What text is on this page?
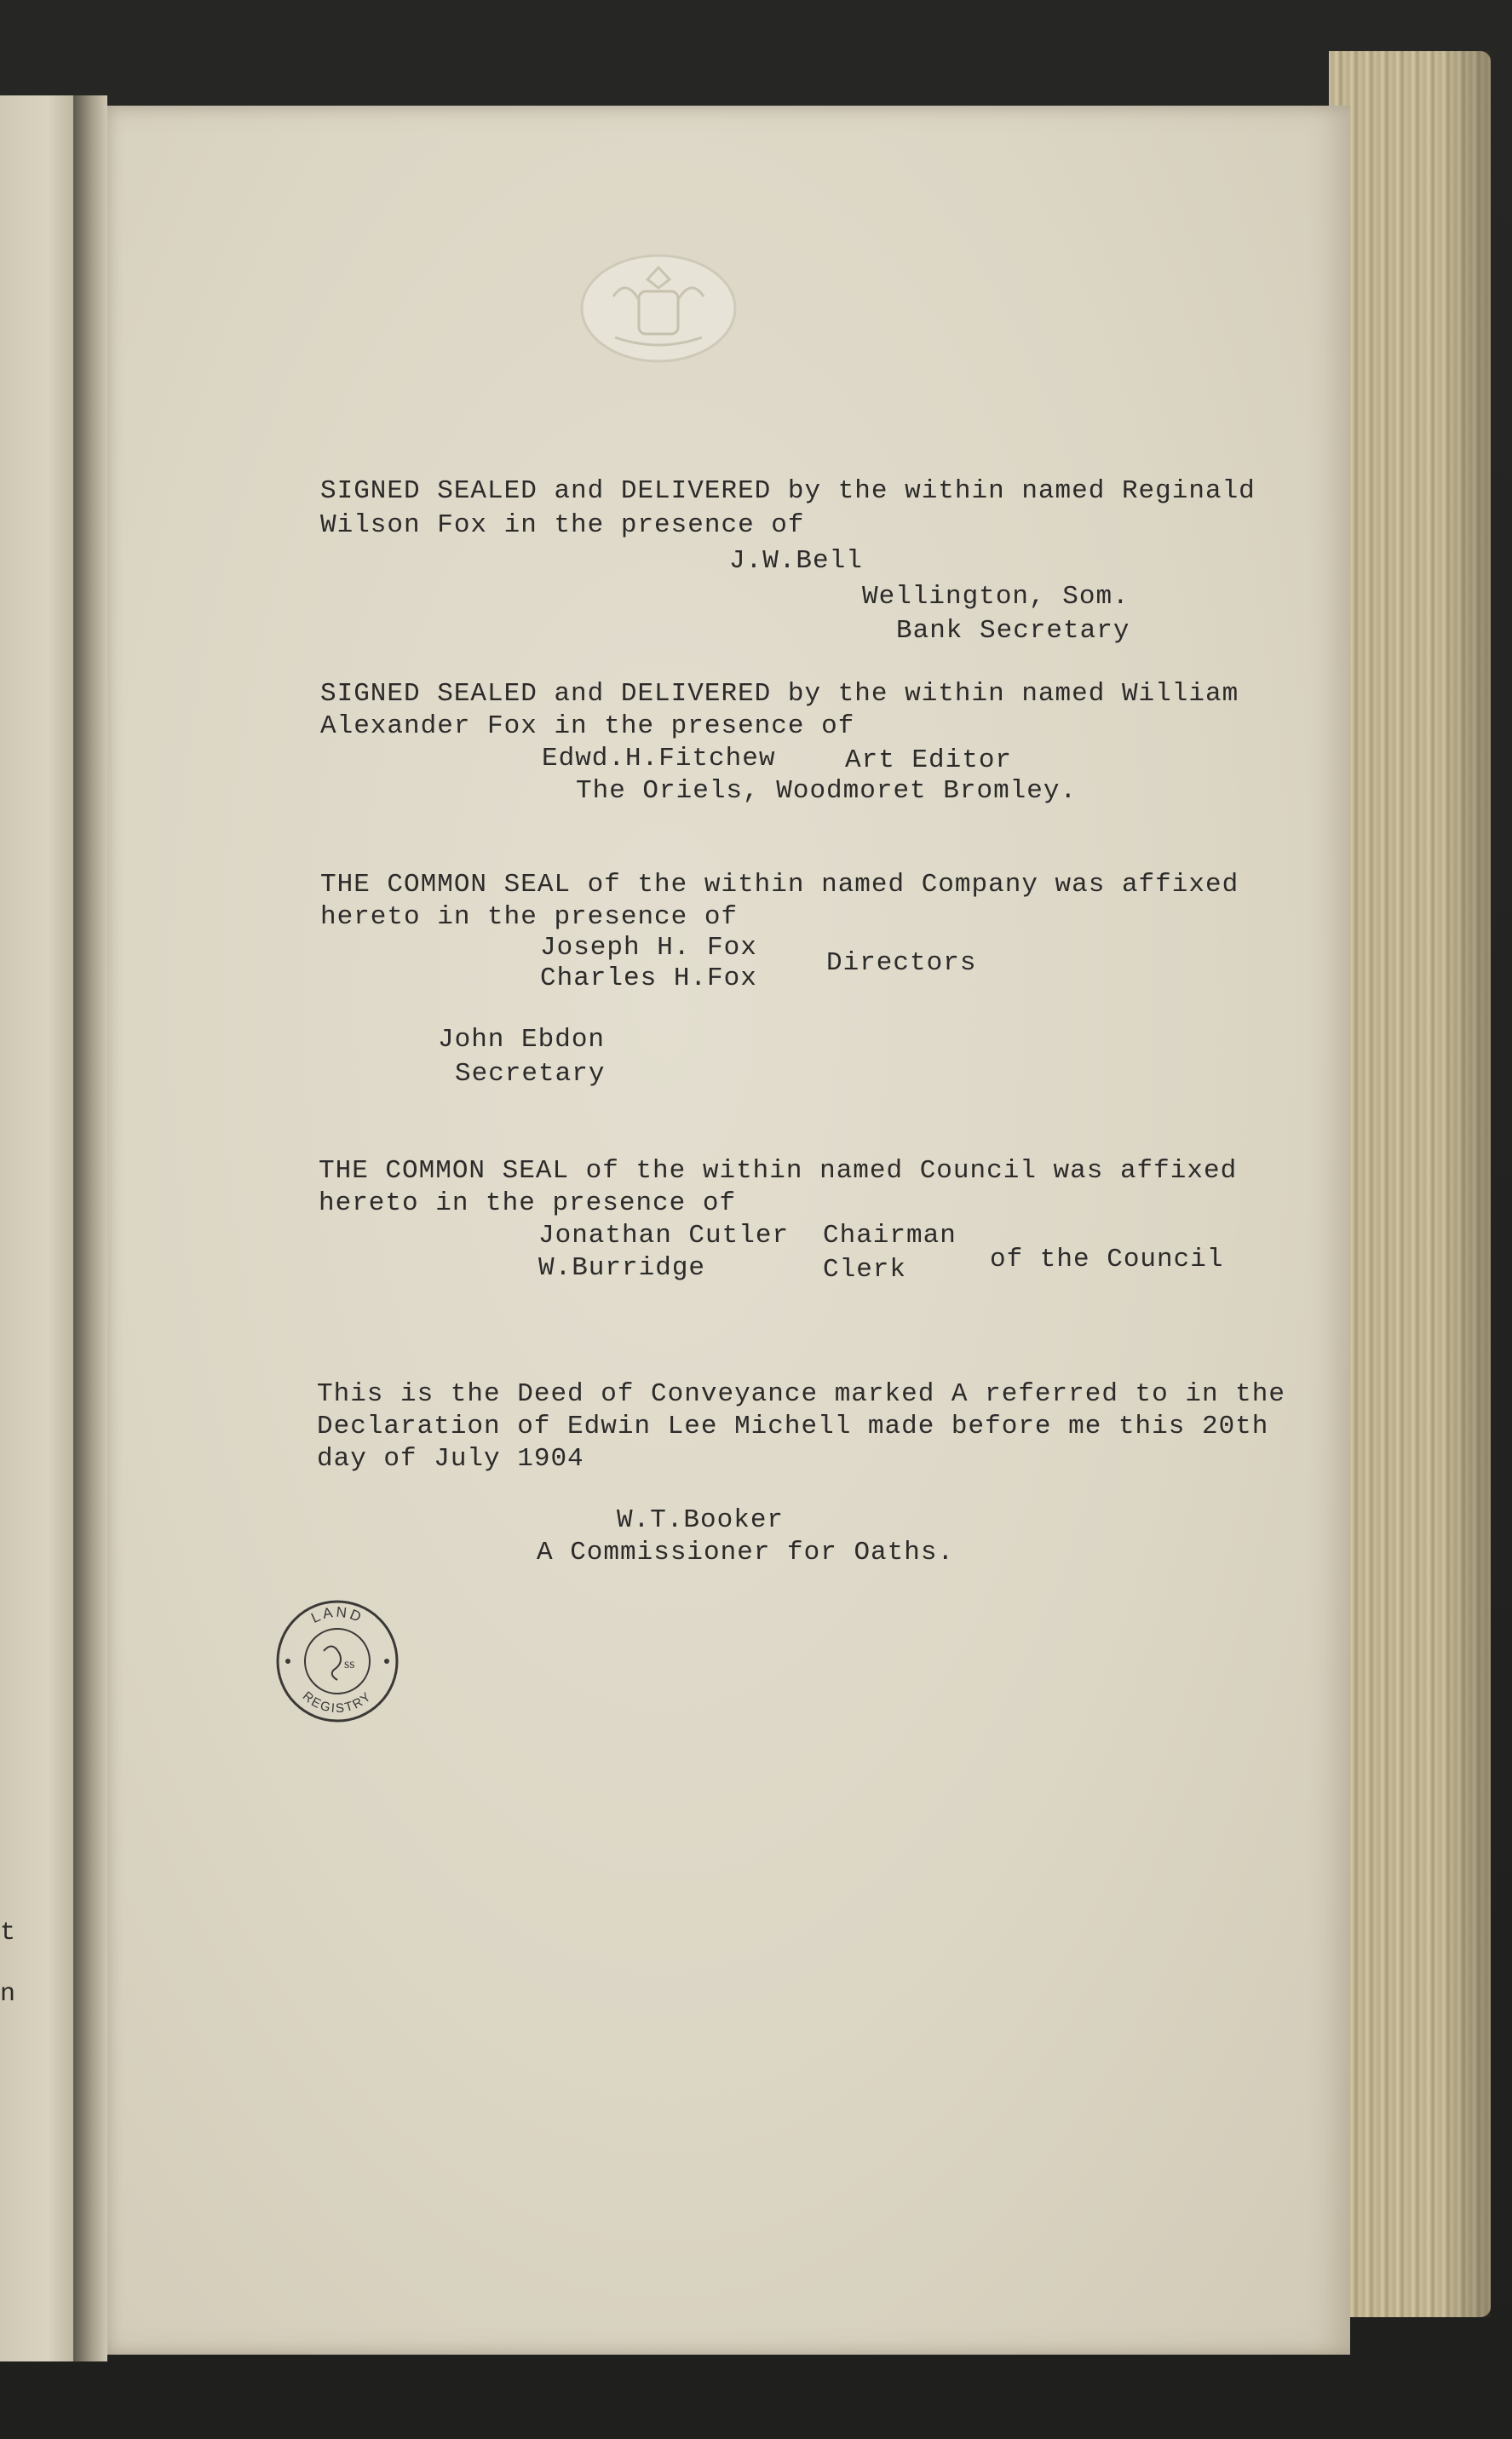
t
n
SIGNED SEALED and DELIVERED by the within named Reginald
Wilson Fox in the presence of
J.W.Bell
Wellington, Som.
Bank Secretary
SIGNED SEALED and DELIVERED by the within named William
Alexander Fox in the presence of
Edwd.H.Fitchew	Art Editor
The Oriels, Woodmoret Bromley.
THE COMMON SEAL of the within named Company was affixed
hereto in the presence of
Joseph H. Fox
Charles H.Fox
Directors
John Ebdon
Secretary
THE COMMON SEAL of the within named Council was affixed
hereto in the presence of
Jonathan Cutler Chairman
W.Burridge	Clerk	of the Council
This is the Deed of Conveyance marked A referred to in the
Declaration of Edwin Lee Michell made before me this 20th
day of July 1904
W.T.Booker
A Commissioner for Oaths.
LAND
REGISTRY
ss
